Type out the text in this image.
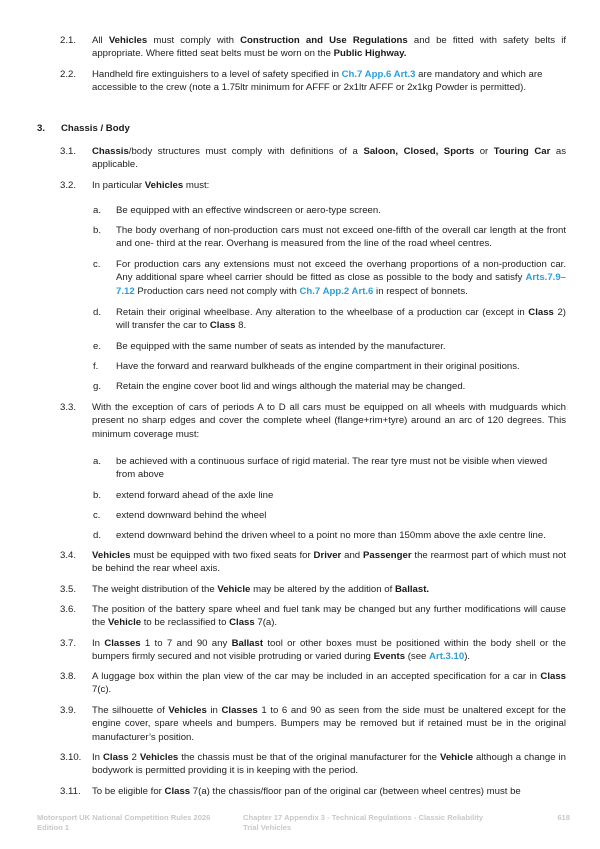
2.1. All Vehicles must comply with Construction and Use Regulations and be fitted with safety belts if appropriate. Where fitted seat belts must be worn on the Public Highway.
2.2. Handheld fire extinguishers to a level of safety specified in Ch.7 App.6 Art.3 are mandatory and which are accessible to the crew (note a 1.75ltr minimum for AFFF or 2x1ltr AFFF or 2x1kg Powder is permitted).
3. Chassis / Body
3.1. Chassis/body structures must comply with definitions of a Saloon, Closed, Sports or Touring Car as applicable.
3.2. In particular Vehicles must:
a. Be equipped with an effective windscreen or aero-type screen.
b. The body overhang of non-production cars must not exceed one-fifth of the overall car length at the front and one- third at the rear. Overhang is measured from the line of the road wheel centres.
c. For production cars any extensions must not exceed the overhang proportions of a non-production car. Any additional spare wheel carrier should be fitted as close as possible to the body and satisfy Arts.7.9–7.12 Production cars need not comply with Ch.7 App.2 Art.6 in respect of bonnets.
d. Retain their original wheelbase. Any alteration to the wheelbase of a production car (except in Class 2) will transfer the car to Class 8.
e. Be equipped with the same number of seats as intended by the manufacturer.
f. Have the forward and rearward bulkheads of the engine compartment in their original positions.
g. Retain the engine cover boot lid and wings although the material may be changed.
3.3. With the exception of cars of periods A to D all cars must be equipped on all wheels with mudguards which present no sharp edges and cover the complete wheel (flange+rim+tyre) around an arc of 120 degrees. This minimum coverage must:
a. be achieved with a continuous surface of rigid material. The rear tyre must not be visible when viewed from above
b. extend forward ahead of the axle line
c. extend downward behind the wheel
d. extend downward behind the driven wheel to a point no more than 150mm above the axle centre line.
3.4. Vehicles must be equipped with two fixed seats for Driver and Passenger the rearmost part of which must not be behind the rear wheel axis.
3.5. The weight distribution of the Vehicle may be altered by the addition of Ballast.
3.6. The position of the battery spare wheel and fuel tank may be changed but any further modifications will cause the Vehicle to be reclassified to Class 7(a).
3.7. In Classes 1 to 7 and 90 any Ballast tool or other boxes must be positioned within the body shell or the bumpers firmly secured and not visible protruding or varied during Events (see Art.3.10).
3.8. A luggage box within the plan view of the car may be included in an accepted specification for a car in Class 7(c).
3.9. The silhouette of Vehicles in Classes 1 to 6 and 90 as seen from the side must be unaltered except for the engine cover, spare wheels and bumpers. Bumpers may be removed but if retained must be in the original manufacturer’s position.
3.10. In Class 2 Vehicles the chassis must be that of the original manufacturer for the Vehicle although a change in bodywork is permitted providing it is in keeping with the period.
3.11. To be eligible for Class 7(a) the chassis/floor pan of the original car (between wheel centres) must be
Motorsport UK National Competition Rules 2026
Edition 1
Chapter 17 Appendix 3 - Technical Regulations - Classic Reliability
Trial Vehicles
618
